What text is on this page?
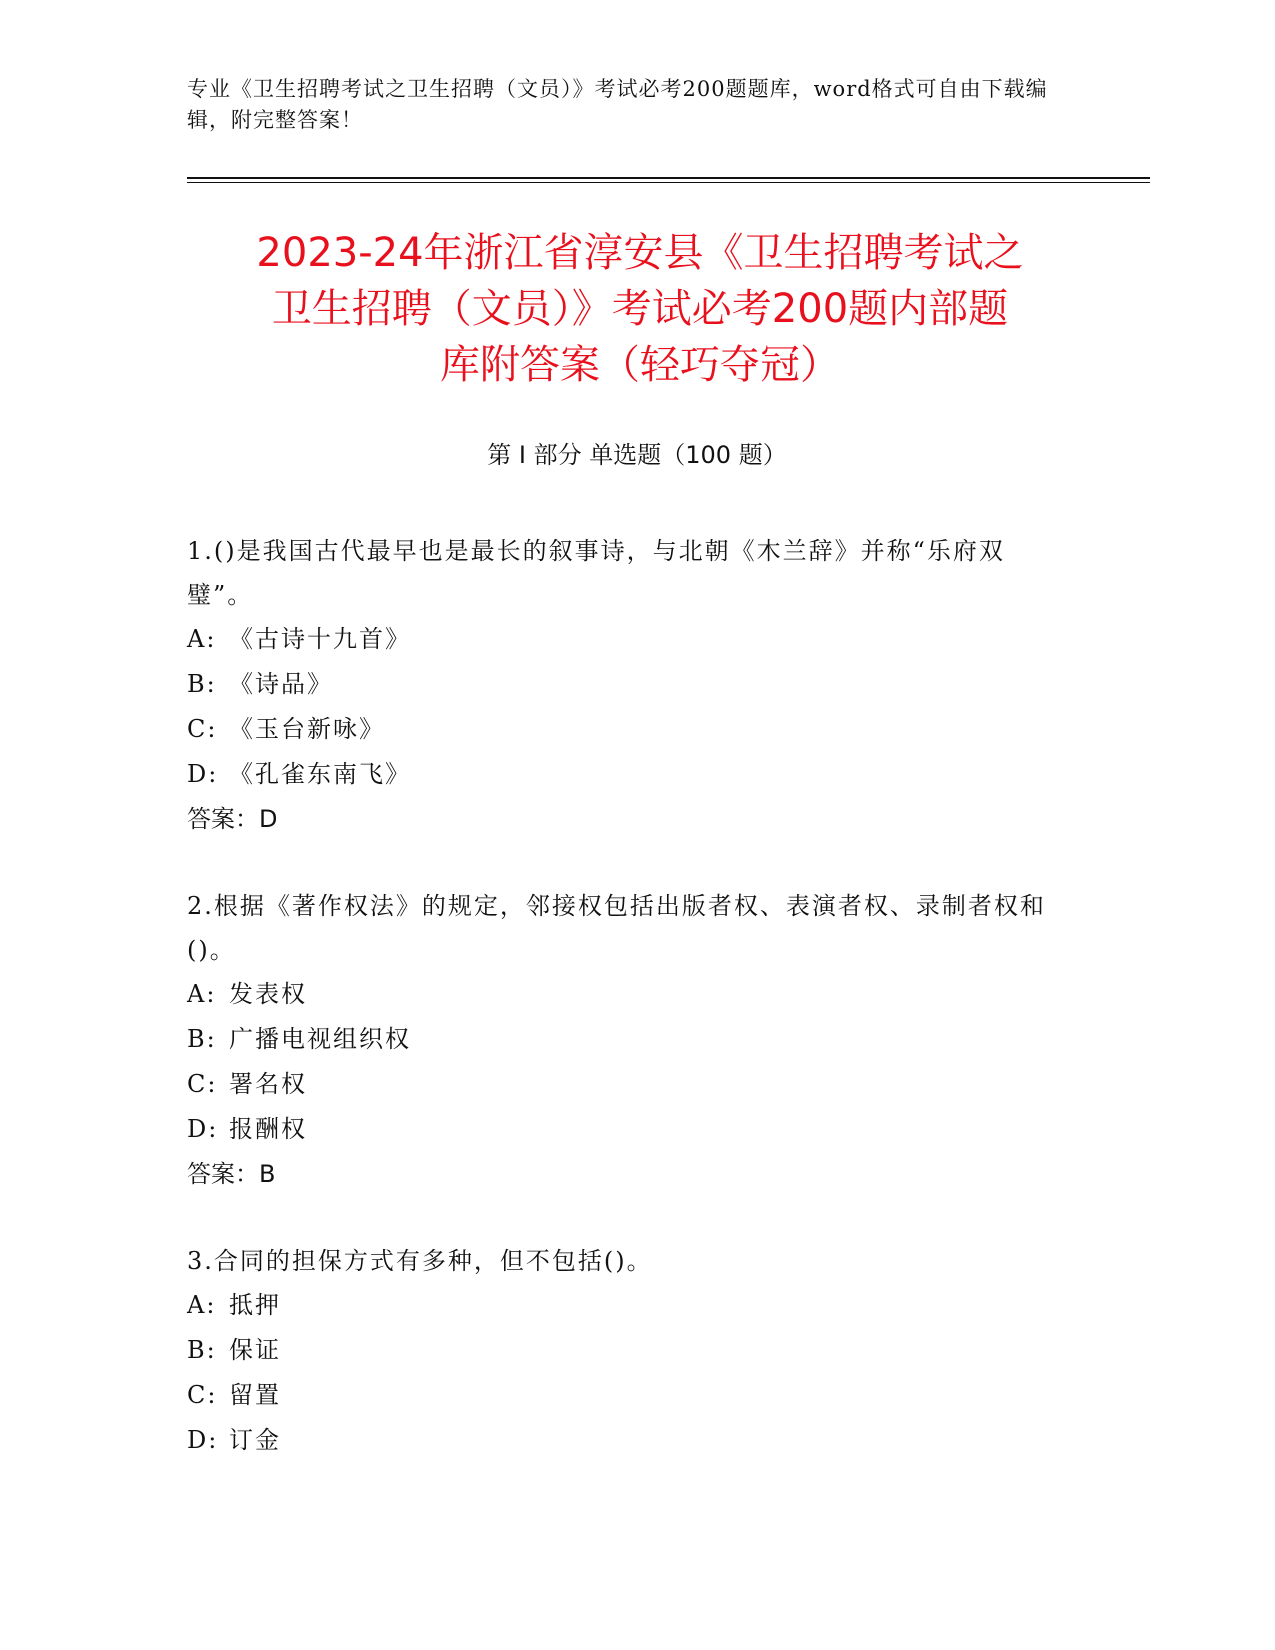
专业《卫生招聘考试之卫生招聘（文员）》考试必考200题题库，word格式可自由下载编辑，附完整答案！
2023-24年浙江省淳安县《卫生招聘考试之
卫生招聘（文员）》考试必考200题内部题
库附答案（轻巧夺冠）
第 I 部分 单选题（100 题）
1.()是我国古代最早也是最长的叙事诗，与北朝《木兰辞》并称“乐府双璧”。
A: 《古诗十九首》
B: 《诗品》
C: 《玉台新咏》
D: 《孔雀东南飞》
答案：D
2.根据《著作权法》的规定，邻接权包括出版者权、表演者权、录制者权和()。
A: 发表权
B: 广播电视组织权
C: 署名权
D: 报酬权
答案：B
3.合同的担保方式有多种，但不包括()。
A: 抵押
B: 保证
C: 留置
D: 订金
